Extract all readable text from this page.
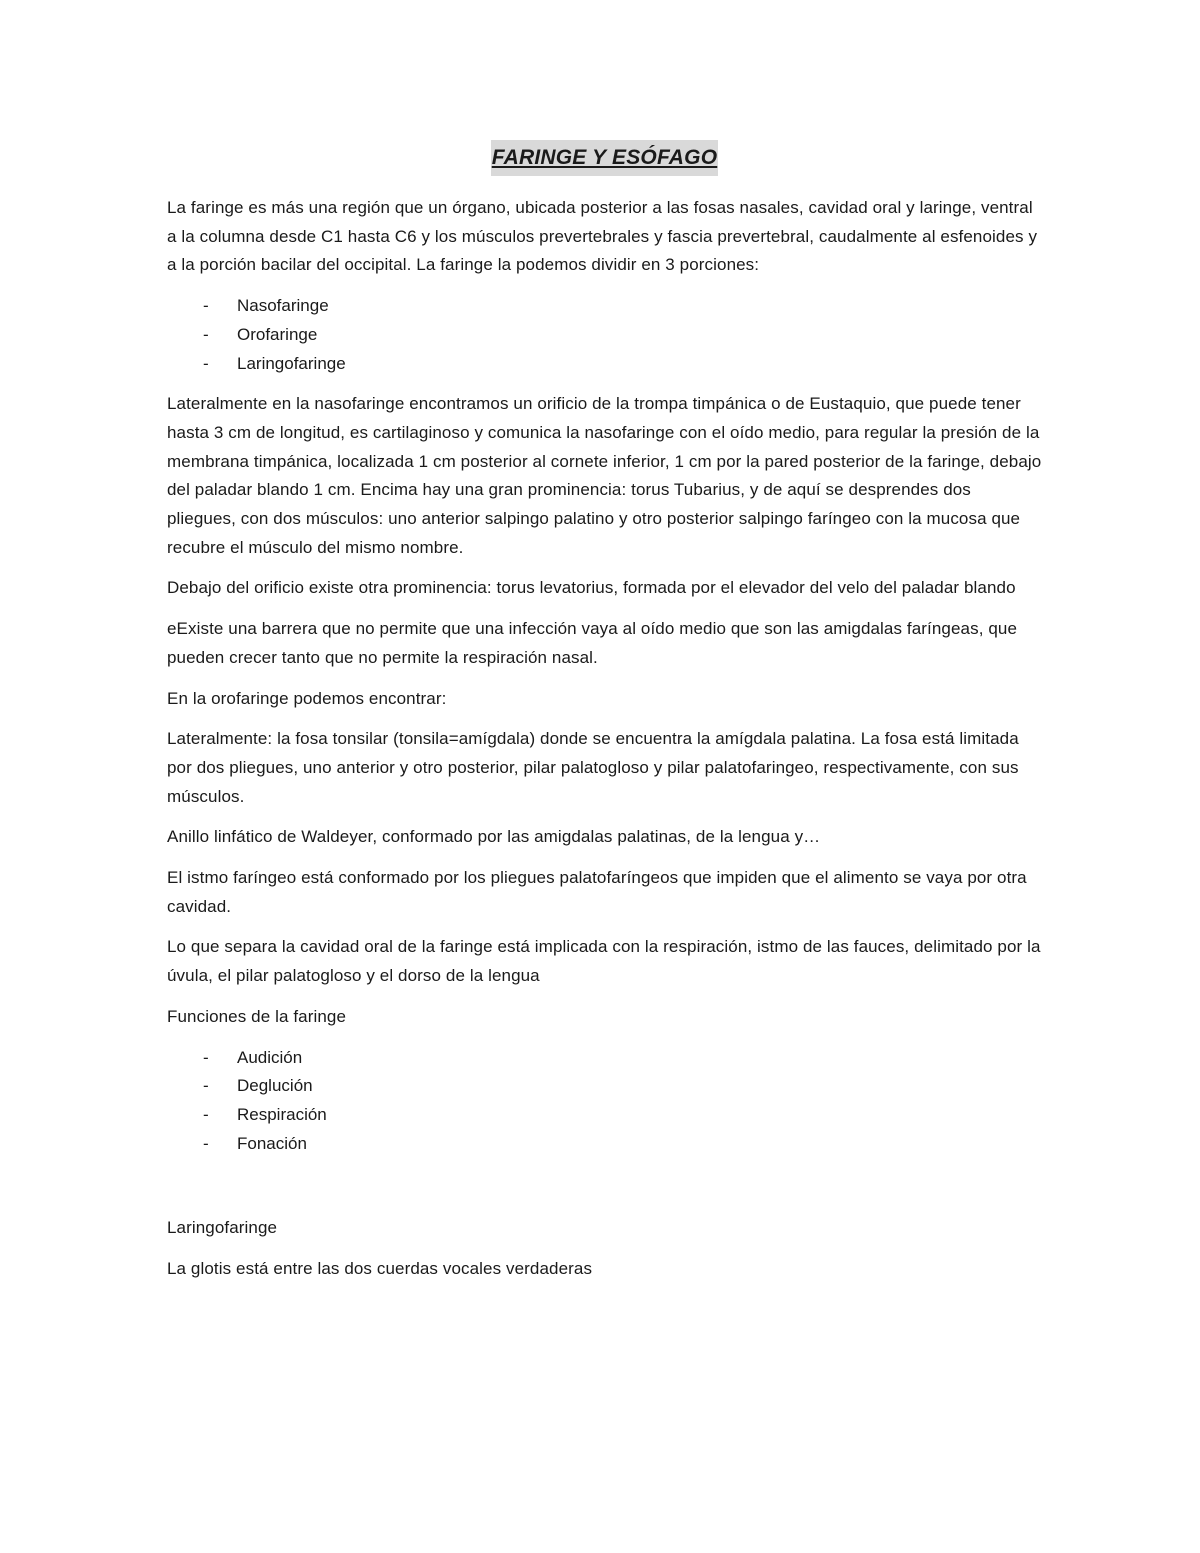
FARINGE Y ESÓFAGO

La faringe es más una región que un órgano, ubicada posterior a las fosas nasales, cavidad oral y laringe, ventral a la columna desde C1 hasta C6 y los músculos prevertebrales y fascia prevertebral, caudalmente al esfenoides y a la porción bacilar del occipital. La faringe la podemos dividir en 3 porciones:

- Nasofaringe
- Orofaringe
- Laringofaringe

Lateralmente en la nasofaringe encontramos un orificio de la trompa timpánica o de Eustaquio, que puede tener hasta 3 cm de longitud, es cartilaginoso y comunica la nasofaringe con el oído medio, para regular la presión de la membrana timpánica, localizada 1 cm posterior al cornete inferior, 1 cm por la pared posterior de la faringe, debajo del paladar blando 1 cm. Encima hay una gran prominencia: torus Tubarius, y de aquí se desprendes dos pliegues, con dos músculos: uno anterior salpingo palatino y otro posterior salpingo faríngeo con la mucosa que recubre el músculo del mismo nombre.

Debajo del orificio existe otra prominencia: torus levatorius, formada por el elevador del velo del paladar blando

eExiste una barrera que no permite que una infección vaya al oído medio que son las amigdalas faríngeas, que pueden crecer tanto que no permite la respiración nasal.

En la orofaringe podemos encontrar:

Lateralmente: la fosa tonsilar (tonsila=amígdala) donde se encuentra la amígdala palatina. La fosa está limitada por dos pliegues, uno anterior y otro posterior, pilar palatogloso y pilar palatofaringeo, respectivamente, con sus músculos.

Anillo linfático de Waldeyer, conformado por las amigdalas palatinas, de la lengua y…

El istmo faríngeo está conformado por los pliegues palatofaríngeos que impiden que el alimento se vaya por otra cavidad.

Lo que separa la cavidad oral de la faringe está implicada con la respiración, istmo de las fauces, delimitado por la úvula, el pilar palatogloso y el dorso de la lengua

Funciones de la faringe

- Audición
- Deglución
- Respiración
- Fonación

Laringofaringe

La glotis está entre las dos cuerdas vocales verdaderas
